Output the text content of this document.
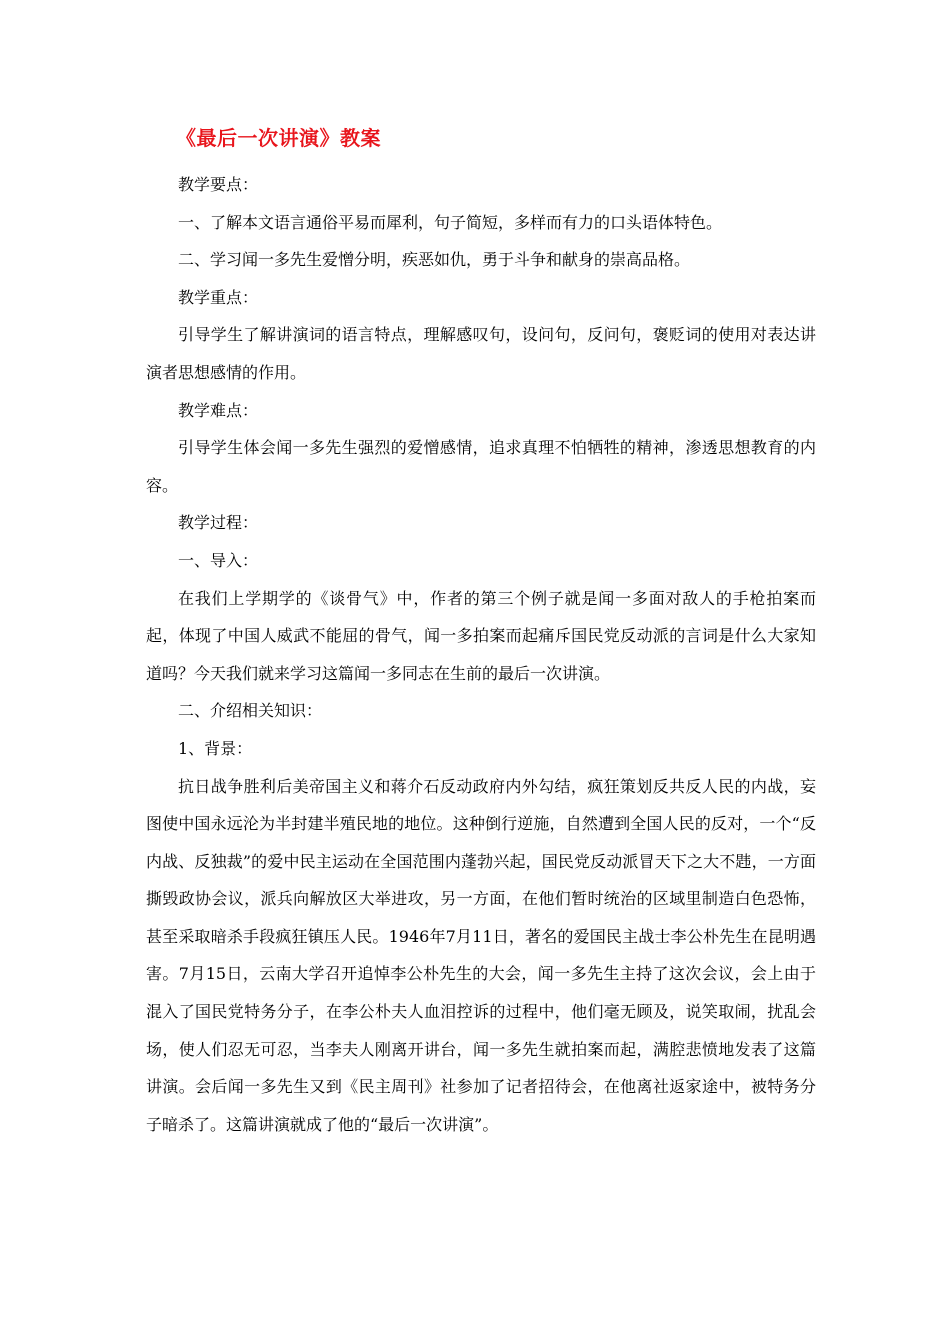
《最后一次讲演》教案

教学要点：

一、了解本文语言通俗平易而犀利，句子简短，多样而有力的口头语体特色。

二、学习闻一多先生爱憎分明，疾恶如仇，勇于斗争和献身的崇高品格。

教学重点：

引导学生了解讲演词的语言特点，理解感叹句，设问句，反问句，褒贬词的使用对表达讲演者思想感情的作用。

教学难点：

引导学生体会闻一多先生强烈的爱憎感情，追求真理不怕牺牲的精神，渗透思想教育的内容。

教学过程：

一、导入：

在我们上学期学的《谈骨气》中，作者的第三个例子就是闻一多面对敌人的手枪拍案而起，体现了中国人威武不能屈的骨气，闻一多拍案而起痛斥国民党反动派的言词是什么大家知道吗？今天我们就来学习这篇闻一多同志在生前的最后一次讲演。

二、介绍相关知识：

1、背景：

抗日战争胜利后美帝国主义和蒋介石反动政府内外勾结，疯狂策划反共反人民的内战，妄图使中国永远沦为半封建半殖民地的地位。这种倒行逆施，自然遭到全国人民的反对，一个“反内战、反独裁”的爱中民主运动在全国范围内蓬勃兴起，国民党反动派冒天下之大不韪，一方面撕毁政协会议，派兵向解放区大举进攻，另一方面，在他们暂时统治的区域里制造白色恐怖，甚至采取暗杀手段疯狂镇压人民。1946年7月11日，著名的爱国民主战士李公朴先生在昆明遇害。7月15日，云南大学召开追悼李公朴先生的大会，闻一多先生主持了这次会议，会上由于混入了国民党特务分子，在李公朴夫人血泪控诉的过程中，他们毫无顾及，说笑取闹，扰乱会场，使人们忍无可忍，当李夫人刚离开讲台，闻一多先生就拍案而起，满腔悲愤地发表了这篇讲演。会后闻一多先生又到《民主周刊》社参加了记者招待会，在他离社返家途中，被特务分子暗杀了。这篇讲演就成了他的“最后一次讲演”。
